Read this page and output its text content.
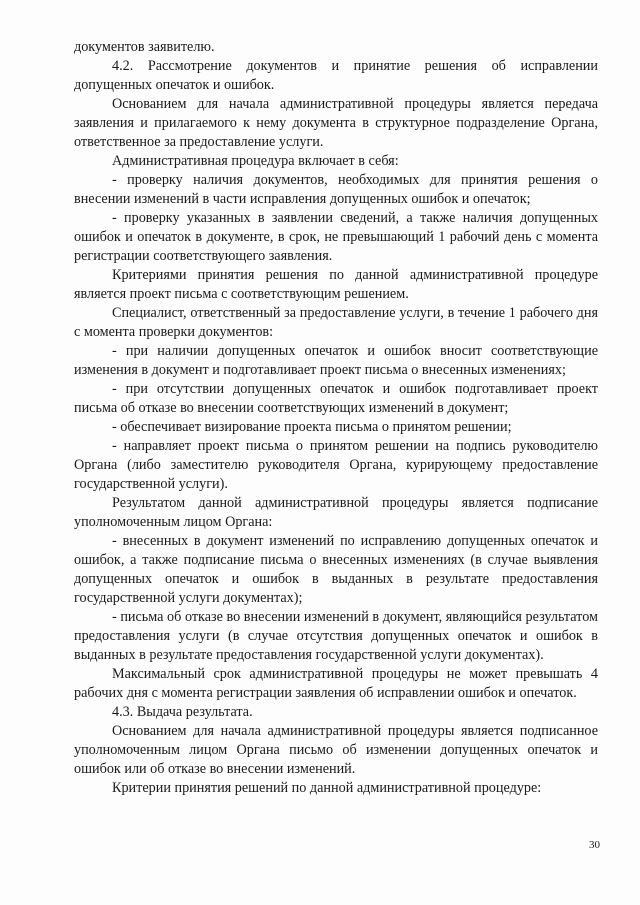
документов заявителю.

4.2. Рассмотрение документов и принятие решения об исправлении допущенных опечаток и ошибок.

Основанием для начала административной процедуры является передача заявления и прилагаемого к нему документа в структурное подразделение Органа, ответственное за предоставление услуги.

Административная процедура включает в себя:

- проверку наличия документов, необходимых для принятия решения о внесении изменений в части исправления допущенных ошибок и опечаток;

- проверку указанных в заявлении сведений, а также наличия допущенных ошибок и опечаток в документе, в срок, не превышающий 1 рабочий день с момента регистрации соответствующего заявления.

Критериями принятия решения по данной административной процедуре является проект письма с соответствующим решением.

Специалист, ответственный за предоставление услуги, в течение 1 рабочего дня с момента проверки документов:

- при наличии допущенных опечаток и ошибок вносит соответствующие изменения в документ и подготавливает проект письма о внесенных изменениях;

- при отсутствии допущенных опечаток и ошибок подготавливает проект письма об отказе во внесении соответствующих изменений в документ;

- обеспечивает визирование проекта письма о принятом решении;

- направляет проект письма о принятом решении на подпись руководителю Органа (либо заместителю руководителя Органа, курирующему предоставление государственной услуги).

Результатом данной административной процедуры является подписание уполномоченным лицом Органа:

- внесенных в документ изменений по исправлению допущенных опечаток и ошибок, а также подписание письма о внесенных изменениях (в случае выявления допущенных опечаток и ошибок в выданных в результате предоставления государственной услуги документах);

- письма об отказе во внесении изменений в документ, являющийся результатом предоставления услуги (в случае отсутствия допущенных опечаток и ошибок в выданных в результате предоставления государственной услуги документах).

Максимальный срок административной процедуры не может превышать 4 рабочих дня с момента регистрации заявления об исправлении ошибок и опечаток.

4.3. Выдача результата.

Основанием для начала административной процедуры является подписанное уполномоченным лицом Органа письмо об изменении допущенных опечаток и ошибок или об отказе во внесении изменений.

Критерии принятия решений по данной административной процедуре:

30
